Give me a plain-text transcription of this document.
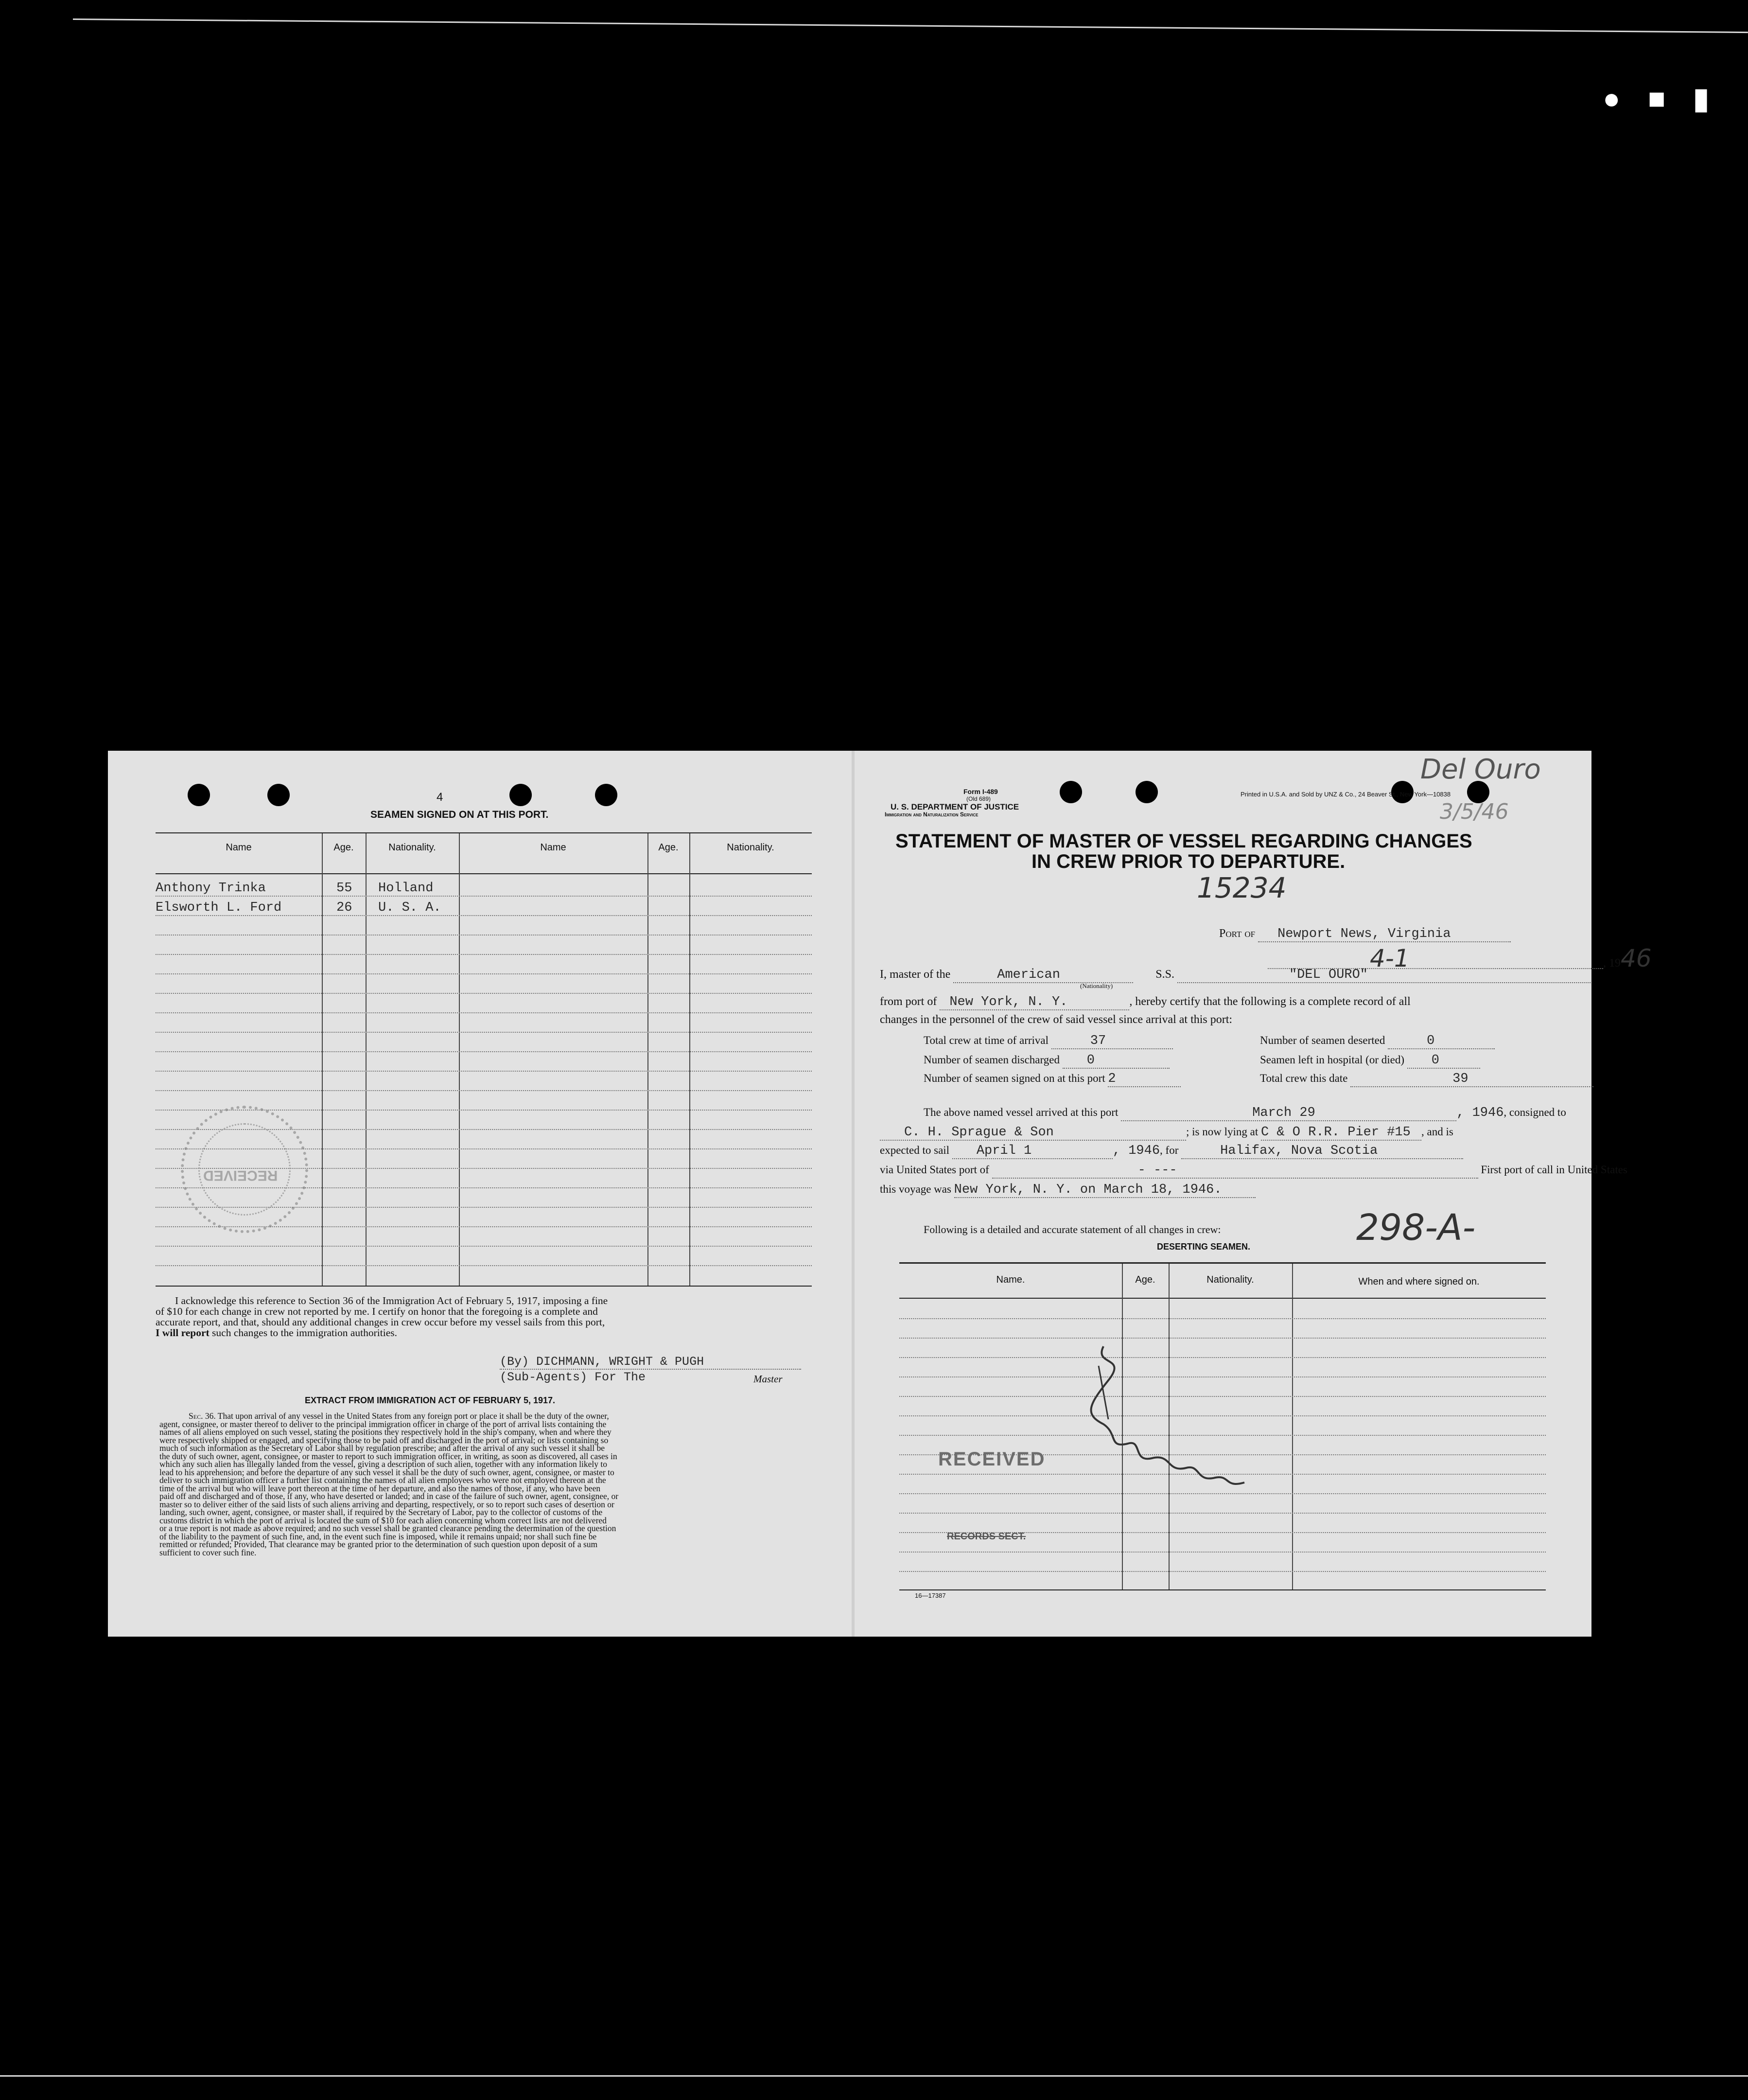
● ■ ▮
4
SEAMEN SIGNED ON AT THIS PORT.
Name	Age.	Nationality.	Name	Age.	Nationality.
Anthony Trinka	55 Holland
Elsworth L. Ford	26 U. S. A.
RECEIVED
I acknowledge this reference to Section 36 of the Immigration Act of February 5, 1917, imposing a fine
of $10 for each change in crew not reported by me. I certify on honor that the foregoing is a complete and
accurate report, and that, should any additional changes in crew occur before my vessel sails from this port,
I will report such changes to the immigration authorities.
(By) DICHMANN, WRIGHT & PUGH
(Sub-Agents) For The	Master
EXTRACT FROM IMMIGRATION ACT OF FEBRUARY 5, 1917.
Sec. 36. That upon arrival of any vessel in the United States from any foreign port or place it shall be the duty of the owner,
agent, consignee, or master thereof to deliver to the principal immigration officer in charge of the port of arrival lists containing the
names of all aliens employed on such vessel, stating the positions they respectively hold in the ship's company, when and where they
were respectively shipped or engaged, and specifying those to be paid off and discharged in the port of arrival; or lists containing so
much of such information as the Secretary of Labor shall by regulation prescribe; and after the arrival of any such vessel it shall be
the duty of such owner, agent, consignee, or master to report to such immigration officer, in writing, as soon as discovered, all cases in
which any such alien has illegally landed from the vessel, giving a description of such alien, together with any information likely to
lead to his apprehension; and before the departure of any such vessel it shall be the duty of such owner, agent, consignee, or master to
deliver to such immigration officer a further list containing the names of all alien employees who were not employed thereon at the
time of the arrival but who will leave port thereon at the time of her departure, and also the names of those, if any, who have been
paid off and discharged and of those, if any, who have deserted or landed; and in case of the failure of such owner, agent, consignee, or
master so to deliver either of the said lists of such aliens arriving and departing, respectively, or so to report such cases of desertion or
landing, such owner, agent, consignee, or master shall, if required by the Secretary of Labor, pay to the collector of customs of the
customs district in which the port of arrival is located the sum of $10 for each alien concerning whom correct lists are not delivered
or a true report is not made as above required; and no such vessel shall be granted clearance pending the determination of the question
of the liability to the payment of such fine, and, in the event such fine is imposed, while it remains unpaid; nor shall such fine be
remitted or refunded; Provided, That clearance may be granted prior to the determination of such question upon deposit of a sum
sufficient to cover such fine.
Form I-489
(Old 689)
U. S. DEPARTMENT OF JUSTICE
Immigration and Naturalization Service
Printed in U.S.A. and Sold by UNZ & Co., 24 Beaver St., New York—10838
Del Ouro
3/5/46
STATEMENT OF MASTER OF VESSEL REGARDING CHANGES
IN CREW PRIOR TO DEPARTURE.
15234
Port of Newport News, Virginia
4-1	, 1946
I, master of the	American	S.S.	"DEL OURO"
(Nationality)
from port of New York, N. Y.	, hereby certify that the following is a complete record of all
changes in the personnel of the crew of said vessel since arrival at this port:
Total crew at time of arrival	37	Number of seamen deserted	0
Number of seamen discharged 0	Seamen left in hospital (or died) 0
Number of seamen signed on at this port 2	Total crew this date	39
The above named vessel arrived at this port	March 29	, 1946, consigned to
C. H. Sprague & Son	; is now lying at C & O R.R. Pier #15 , and is
expected to sail April 1	, 1946, for	Halifax, Nova Scotia
via United States port of	- ---	First port of call in United States
this voyage was New York, N. Y. on March 18, 1946.
Following is a detailed and accurate statement of all changes in crew:	298-A-
DESERTING SEAMEN.
Name.	Age.	Nationality.	When and where signed on.
RECEIVED
RECORDS SECT.
16—17387
